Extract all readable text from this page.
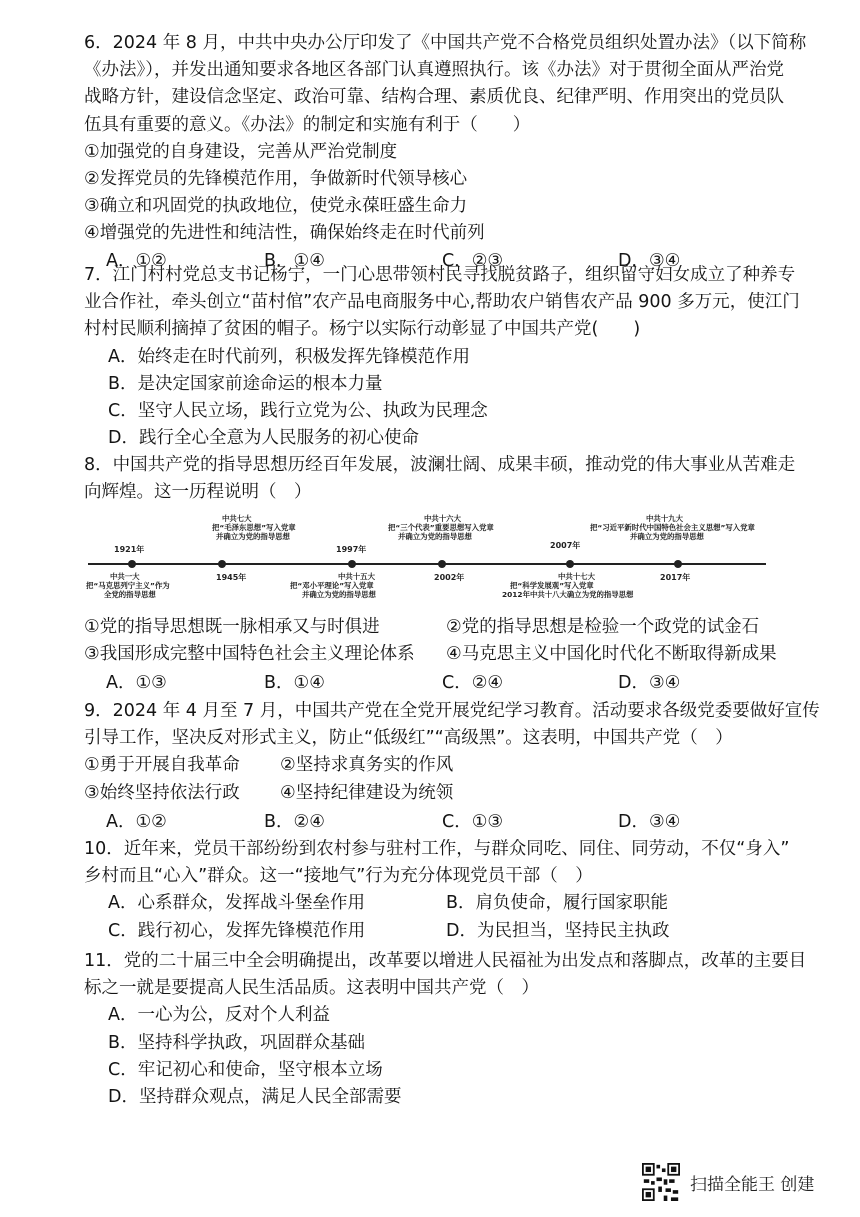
6．2024 年 8 月，中共中央办公厅印发了《中国共产党不合格党员组织处置办法》（以下简称

《办法》），并发出通知要求各地区各部门认真遵照执行。该《办法》对于贯彻全面从严治党

战略方针，建设信念坚定、政治可靠、结构合理、素质优良、纪律严明、作用突出的党员队

伍具有重要的意义。《办法》的制定和实施有利于（　　）

①加强党的自身建设，完善从严治党制度

②发挥党员的先锋模范作用，争做新时代领导核心

③确立和巩固党的执政地位，使党永葆旺盛生命力

④增强党的先进性和纯洁性，确保始终走在时代前列

A．①②	B．①④	C．②③	D．③④

7．江门村村党总支书记杨宁，一门心思带领村民寻找脱贫路子，组织留守妇女成立了种养专

业合作社，牵头创立“苗村倌”农产品电商服务中心,帮助农户销售农产品 900 多万元，使江门

村村民顺利摘掉了贫困的帽子。杨宁以实际行动彰显了中国共产党(　　)

A．始终走在时代前列，积极发挥先锋模范作用

B．是决定国家前途命运的根本力量

C．坚守人民立场，践行立党为公、执政为民理念

D．践行全心全意为人民服务的初心使命

8．中国共产党的指导思想历经百年发展，波澜壮阔、成果丰硕，推动党的伟大事业从苦难走

向辉煌。这一历程说明（　）

1921年
1945年
1997年
2002年
2007年
2017年
中共七大
把“毛泽东思想”写入党章
并确立为党的指导思想
中共十六大
把“三个代表”重要思想写入党章
并确立为党的指导思想
中共十九大
把“习近平新时代中国特色社会主义思想”写入党章
并确立为党的指导思想
中共一大
把“马克思列宁主义”作为
全党的指导思想
中共十五大
把“邓小平理论”写入党章
并确立为党的指导思想
中共十七大
把“科学发展观”写入党章
2012年中共十八大确立为党的指导思想
①党的指导思想既一脉相承又与时俱进	②党的指导思想是检验一个政党的试金石
③我国形成完整中国特色社会主义理论体系	④马克思主义中国化时代化不断取得新成果
A．①③	B．①④	C．②④	D．③④

9．2024 年 4 月至 7 月，中国共产党在全党开展党纪学习教育。活动要求各级党委要做好宣传

引导工作，坚决反对形式主义，防止“低级红”“高级黑”。这表明，中国共产党（　）

①勇于开展自我革命	②坚持求真务实的作风
③始终坚持依法行政	④坚持纪律建设为统领
A．①②	B．②④	C．①③	D．③④

10．近年来，党员干部纷纷到农村参与驻村工作，与群众同吃、同住、同劳动，不仅“身入”

乡村而且“心入”群众。这一“接地气”行为充分体现党员干部（　）

A．心系群众，发挥战斗堡垒作用	B．肩负使命，履行国家职能
C．践行初心，发挥先锋模范作用	D．为民担当，坚持民主执政

11．党的二十届三中全会明确提出，改革要以增进人民福祉为出发点和落脚点，改革的主要目

标之一就是要提高人民生活品质。这表明中国共产党（　）

A．一心为公，反对个人利益

B．坚持科学执政，巩固群众基础

C．牢记初心和使命，坚守根本立场

D．坚持群众观点，满足人民全部需要

扫描全能王 创建
